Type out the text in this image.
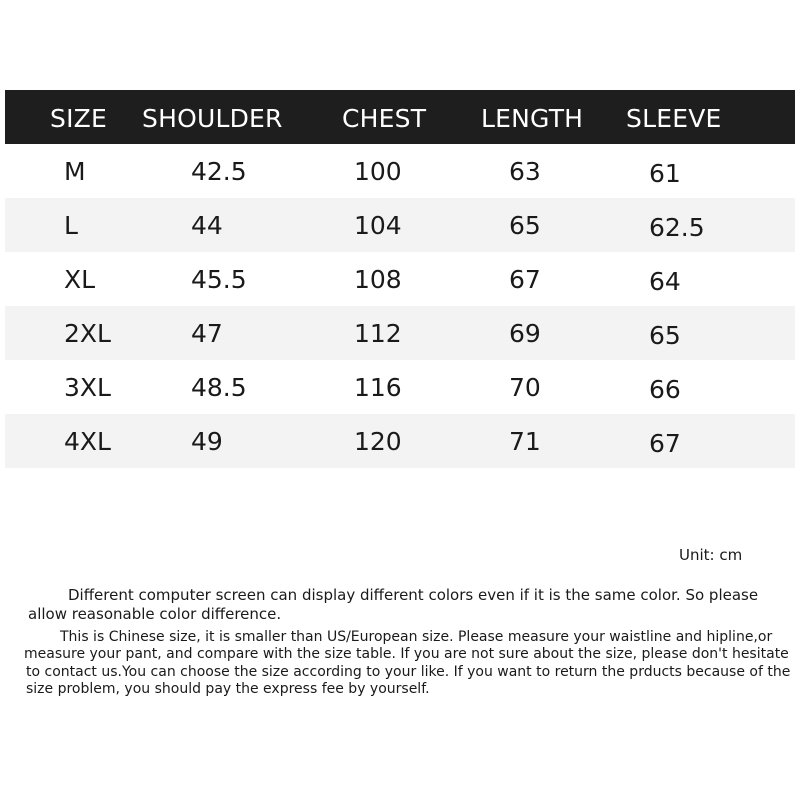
SIZE SHOULDER CHEST LENGTH SLEEVE
M	42.5	100	63	61
L	44	104	65	62.5
XL	45.5	108	67	64
2XL	47	112	69	65
3XL	48.5	116	70	66
4XL	49	120	71	67
Unit: cm
Different computer screen can display different colors even if it is the same color. So please
allow reasonable color difference.
This is Chinese size, it is smaller than US/European size. Please measure your waistline and hipline,or
measure your pant, and compare with the size table. If you are not sure about the size, please don't hesitate
to contact us.You can choose the size according to your like. If you want to return the prducts because of the
size problem, you should pay the express fee by yourself.
